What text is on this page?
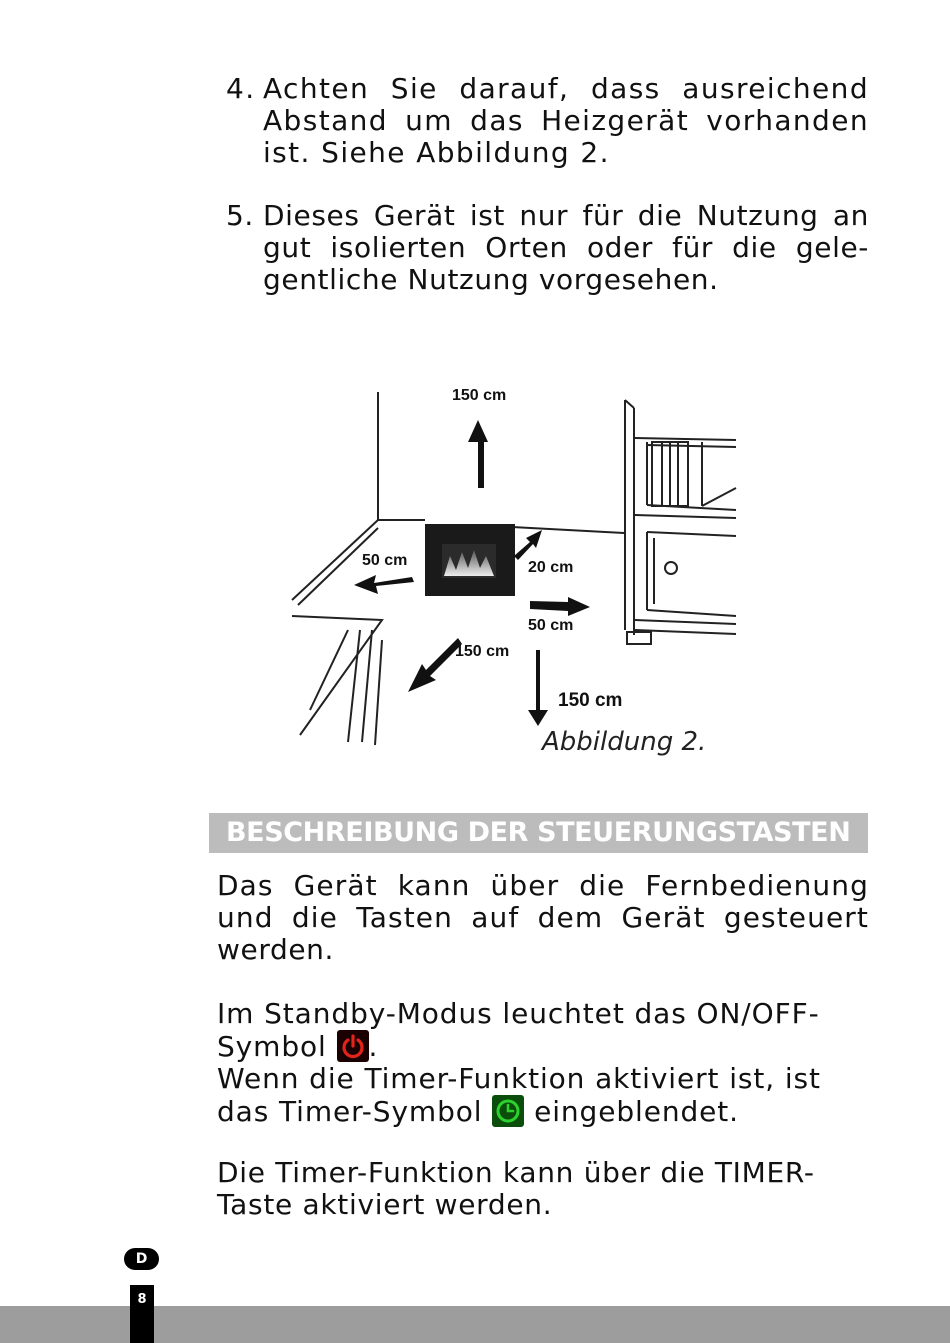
4. Achten Sie darauf, dass ausreichend Abstand um das Heizgerät vorhanden ist. Siehe Abbildung 2.
5. Dieses Gerät ist nur für die Nutzung an gut isolierten Orten oder für die gele-gentliche Nutzung vorgesehen.
150 cm
50 cm	20 cm
50 cm
150 cm
150 cm
Abbildung 2.
BESCHREIBUNG DER STEUERUNGSTASTEN
Das Gerät kann über die Fernbedienung und die Tasten auf dem Gerät gesteuert
werden.
Im Standby-Modus leuchtet das ON/OFF-
Symbol .
Wenn die Timer-Funktion aktiviert ist, ist
das Timer-Symbol eingeblendet.
Die Timer-Funktion kann über die TIMER-Taste aktiviert werden.
D
8
